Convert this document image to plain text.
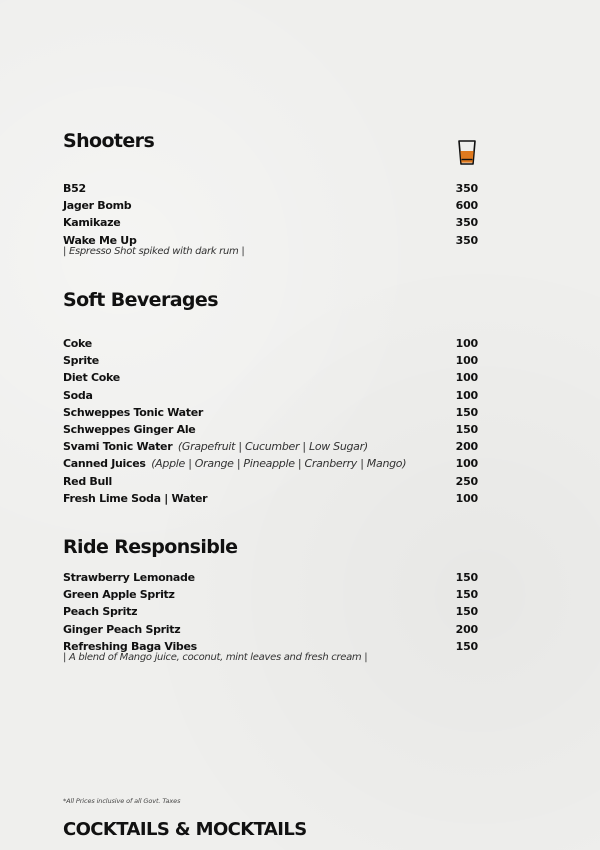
Shooters
B52	350
Jager Bomb	600
Kamikaze	350
Wake Me Up	350
| Espresso Shot spiked with dark rum |
Soft Beverages
Coke	100
Sprite	100
Diet Coke	100
Soda	100
Schweppes Tonic Water	150
Schweppes Ginger Ale	150
Svami Tonic Water (Grapefruit | Cucumber | Low Sugar)	200
Canned Juices (Apple | Orange | Pineapple | Cranberry | Mango)	100
Red Bull	250
Fresh Lime Soda | Water	100
Ride Responsible
Strawberry Lemonade	150
Green Apple Spritz	150
Peach Spritz	150
Ginger Peach Spritz	200
Refreshing Baga Vibes	150
| A blend of Mango juice, coconut, mint leaves and fresh cream |
*All Prices inclusive of all Govt. Taxes
COCKTAILS & MOCKTAILS
